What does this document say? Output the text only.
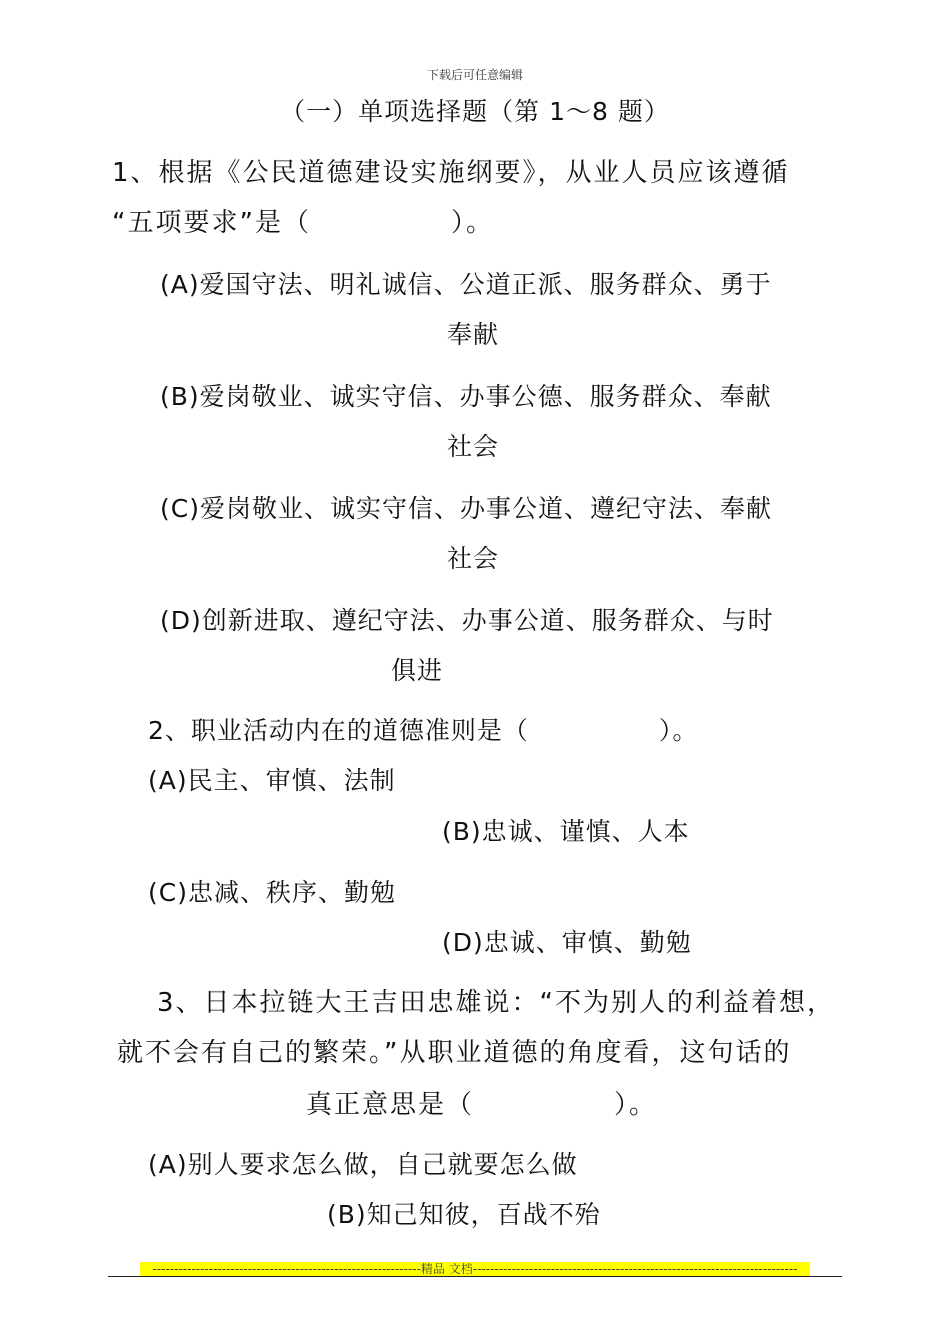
下载后可任意编辑
（一）单项选择题（第 1～8 题）
1、根据《公民道德建设实施纲要》，从业人员应该遵循
“五项要求”是（　　　　　）。
(A)爱国守法、明礼诚信、公道正派、服务群众、勇于
奉献
(B)爱岗敬业、诚实守信、办事公德、服务群众、奉献
社会
(C)爱岗敬业、诚实守信、办事公道、遵纪守法、奉献
社会
(D)创新进取、遵纪守法、办事公道、服务群众、与时
俱进
2、职业活动内在的道德准则是（　　　　　）。
(A)民主、审慎、法制
(B)忠诚、谨慎、人本
(C)忠减、秩序、勤勉
(D)忠诚、审慎、勤勉
3、日本拉链大王吉田忠雄说：“不为别人的利益着想，
就不会有自己的繁荣。”从职业道德的角度看，这句话的
真正意思是（　　　　　）。
(A)别人要求怎么做，自己就要怎么做
(B)知己知彼，百战不殆
--------------------------------------------------------------精品 文档---------------------------------------------------------------------------
